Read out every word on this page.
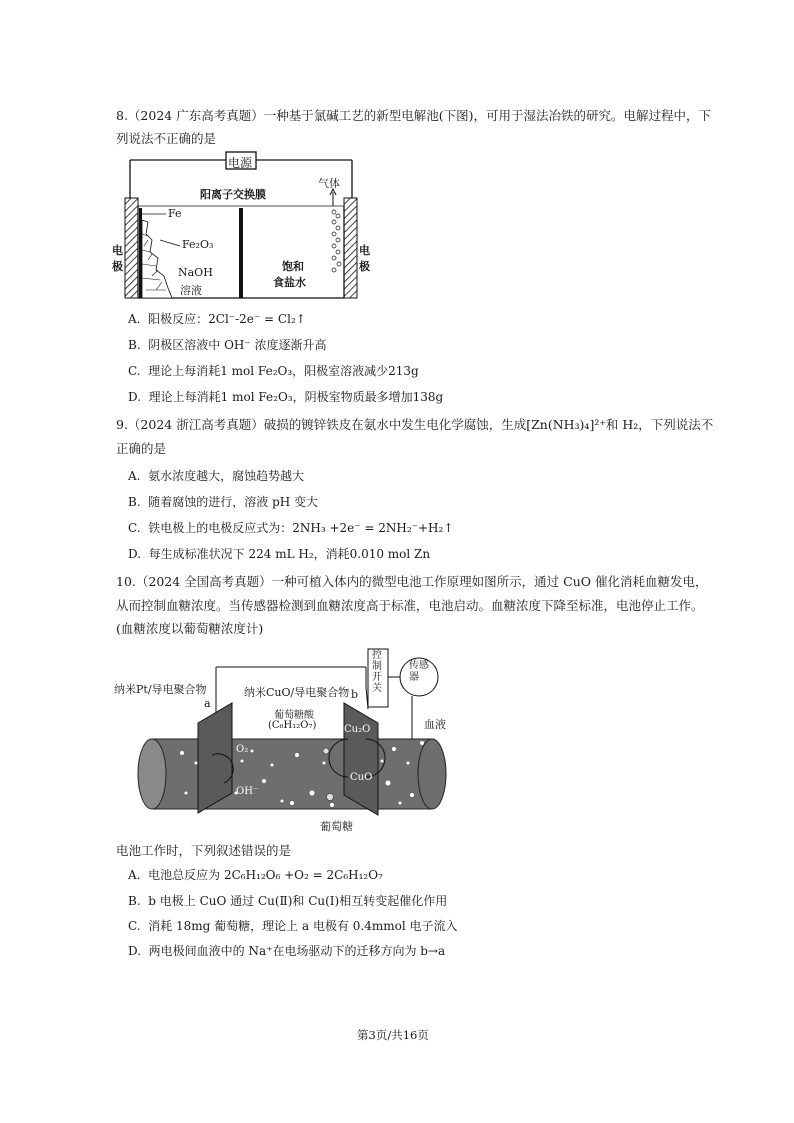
8.（2024 广东高考真题）一种基于氯碱工艺的新型电解池(下图)，可用于湿法冶铁的研究。电解过程中，下
列说法不正确的是
电源
阳离子交换膜
气体
Fe
Fe₂O₃
NaOH
溶液
饱和
食盐水
电
极
电
极
A. 阳极反应：2Cl⁻-2e⁻ = Cl₂↑
B. 阴极区溶液中 OH⁻ 浓度逐渐升高
C. 理论上每消耗1 mol Fe₂O₃，阳极室溶液减少213g
D. 理论上每消耗1 mol Fe₂O₃，阴极室物质最多增加138g
9.（2024 浙江高考真题）破损的镀锌铁皮在氨水中发生电化学腐蚀，生成[Zn(NH₃)₄]²⁺和 H₂，下列说法不
正确的是
A. 氨水浓度越大，腐蚀趋势越大
B. 随着腐蚀的进行，溶液 pH 变大
C. 铁电极上的电极反应式为：2NH₃ +2e⁻ = 2NH₂⁻+H₂↑
D. 每生成标准状况下 224 mL H₂，消耗0.010 mol Zn
10.（2024 全国高考真题）一种可植入体内的微型电池工作原理如图所示，通过 CuO 催化消耗血糖发电，
从而控制血糖浓度。当传感器检测到血糖浓度高于标准，电池启动。血糖浓度下降至标准，电池停止工作。
(血糖浓度以葡萄糖浓度计)
控制开关
传感器
纳米Pt/导电聚合物	纳米CuO/导电聚合物
a
b
葡萄糖酸
(C₆H₁₂O₇)	血液
O₂
OH⁻
Cu₂O
CuO
葡萄糖
电池工作时，下列叙述错误的是
A. 电池总反应为 2C₆H₁₂O₆ +O₂ = 2C₆H₁₂O₇
B. b 电极上 CuO 通过 Cu(Ⅱ)和 Cu(Ⅰ)相互转变起催化作用
C. 消耗 18mg 葡萄糖，理论上 a 电极有 0.4mmol 电子流入
D. 两电极间血液中的 Na⁺在电场驱动下的迁移方向为 b→a
第3页/共16页
